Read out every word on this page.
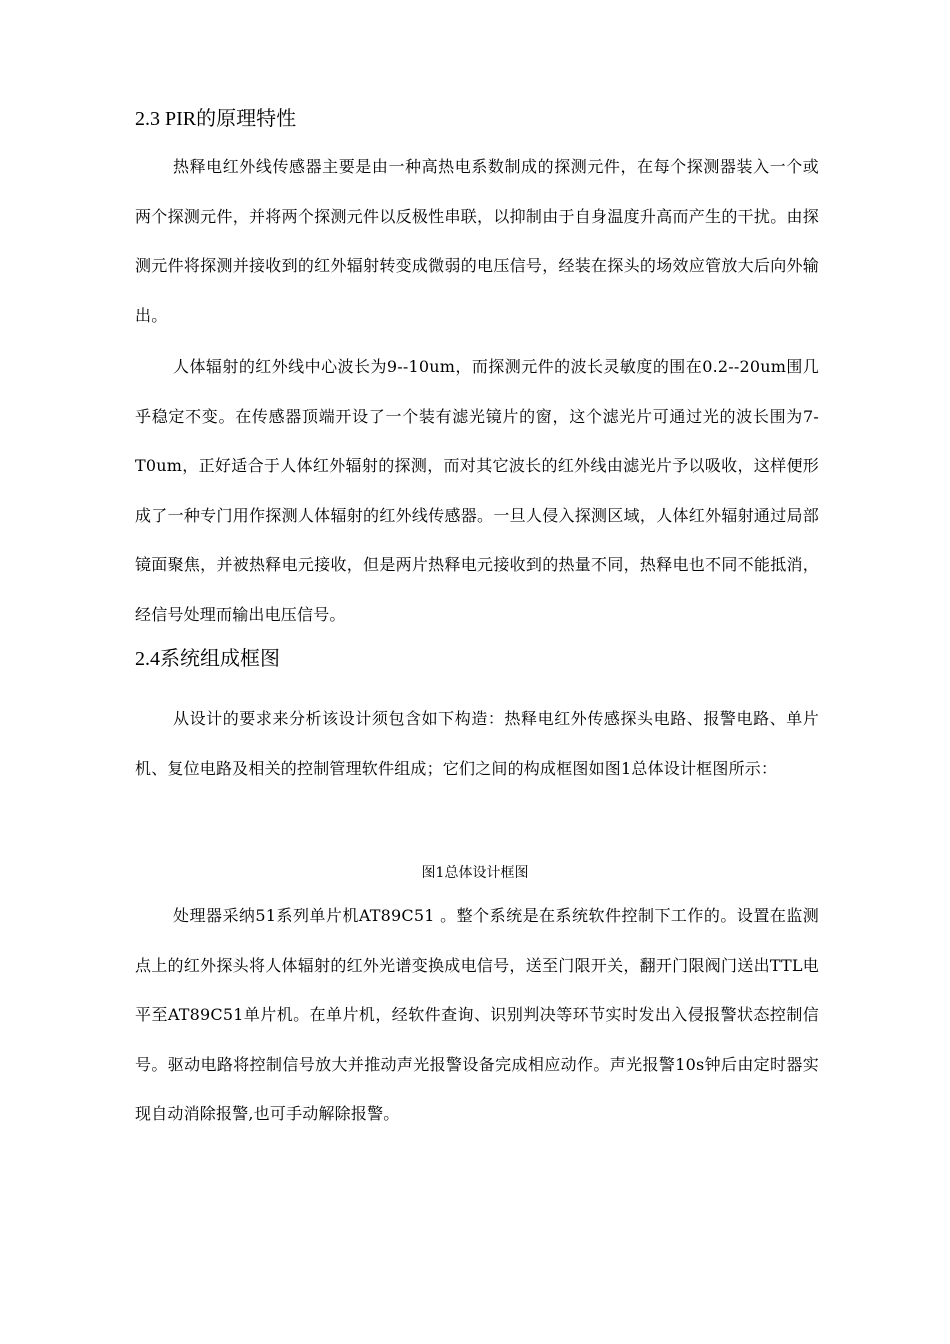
2.3 PIR的原理特性

热释电红外线传感器主要是由一种高热电系数制成的探测元件，在每个探测器装入一个或两个探测元件，并将两个探测元件以反极性串联，以抑制由于自身温度升高而产生的干扰。由探测元件将探测并接收到的红外辐射转变成微弱的电压信号，经装在探头的场效应管放大后向外输出。

人体辐射的红外线中心波长为9--10um，而探测元件的波长灵敏度的围在0.2--20um围几乎稳定不变。在传感器顶端开设了一个装有滤光镜片的窗，这个滤光片可通过光的波长围为7-T0um，正好适合于人体红外辐射的探测，而对其它波长的红外线由滤光片予以吸收，这样便形成了一种专门用作探测人体辐射的红外线传感器。一旦人侵入探测区域，人体红外辐射通过局部镜面聚焦，并被热释电元接收，但是两片热释电元接收到的热量不同，热释电也不同不能抵消，经信号处理而输出电压信号。

2.4系统组成框图

从设计的要求来分析该设计须包含如下构造：热释电红外传感探头电路、报警电路、单片机、复位电路及相关的控制管理软件组成；它们之间的构成框图如图1总体设计框图所示：

图1总体设计框图

处理器采纳51系列单片机AT89C51 。整个系统是在系统软件控制下工作的。设置在监测点上的红外探头将人体辐射的红外光谱变换成电信号，送至门限开关，翻开门限阀门送出TTL电平至AT89C51单片机。在单片机，经软件查询、识别判决等环节实时发出入侵报警状态控制信号。驱动电路将控制信号放大并推动声光报警设备完成相应动作。声光报警10s钟后由定时器实现自动消除报警,也可手动解除报警。
